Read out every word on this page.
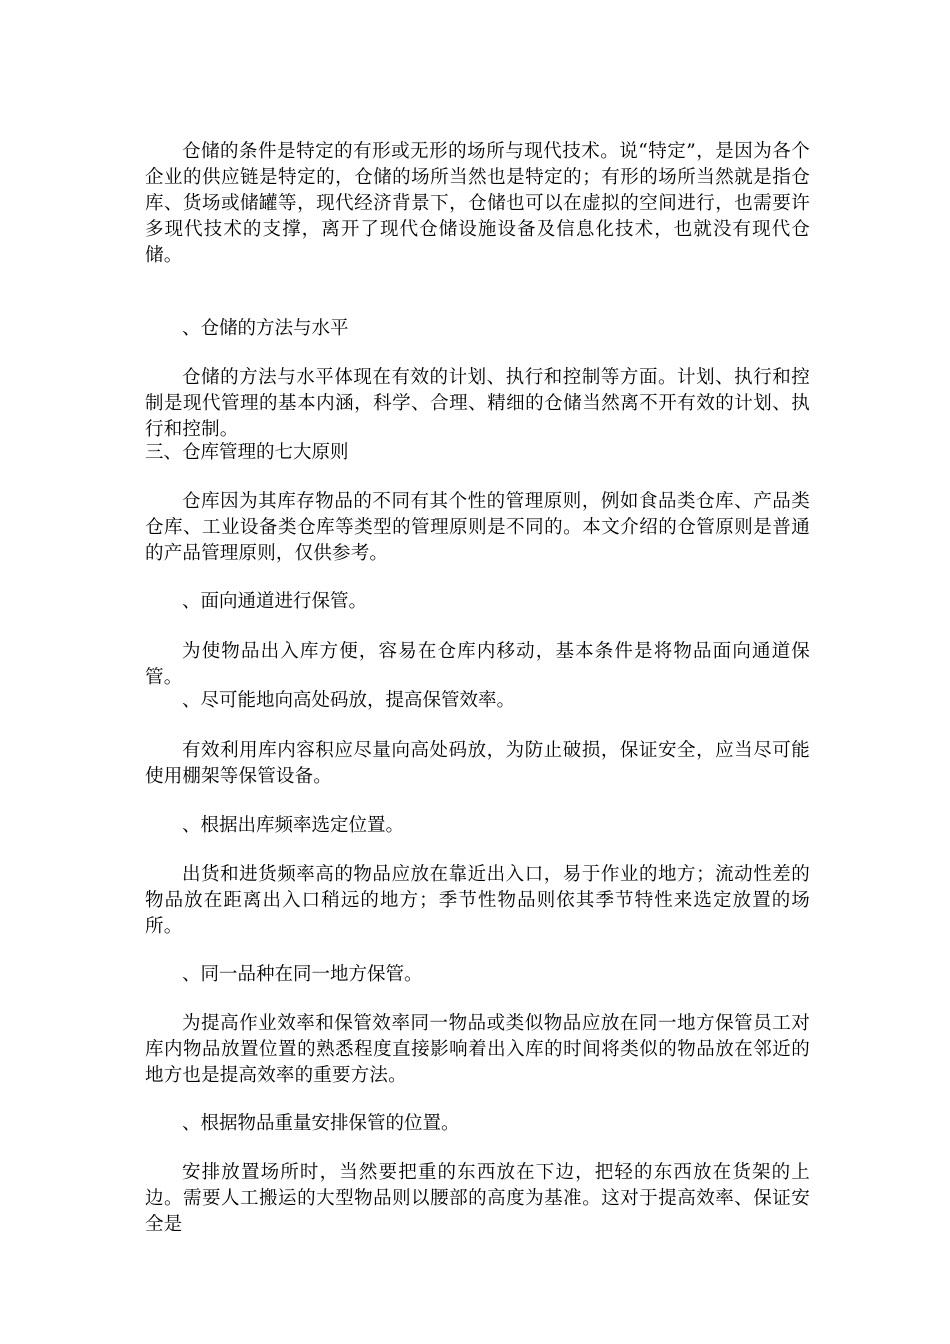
仓储的条件是特定的有形或无形的场所与现代技术。说“特定”，是因为各个企业的供应链是特定的，仓储的场所当然也是特定的；有形的场所当然就是指仓库、货场或储罐等，现代经济背景下，仓储也可以在虚拟的空间进行，也需要许多现代技术的支撑，离开了现代仓储设施设备及信息化技术，也就没有现代仓储。

、仓储的方法与水平

仓储的方法与水平体现在有效的计划、执行和控制等方面。计划、执行和控制是现代管理的基本内涵，科学、合理、精细的仓储当然离不开有效的计划、执行和控制。

三、仓库管理的七大原则

仓库因为其库存物品的不同有其个性的管理原则，例如食品类仓库、产品类仓库、工业设备类仓库等类型的管理原则是不同的。本文介绍的仓管原则是普通的产品管理原则，仅供参考。

、面向通道进行保管。

为使物品出入库方便，容易在仓库内移动，基本条件是将物品面向通道保管。

、尽可能地向高处码放，提高保管效率。

有效利用库内容积应尽量向高处码放，为防止破损，保证安全，应当尽可能使用棚架等保管设备。

、根据出库频率选定位置。

出货和进货频率高的物品应放在靠近出入口，易于作业的地方；流动性差的物品放在距离出入口稍远的地方；季节性物品则依其季节特性来选定放置的场所。

、同一品种在同一地方保管。

为提高作业效率和保管效率同一物品或类似物品应放在同一地方保管员工对库内物品放置位置的熟悉程度直接影响着出入库的时间将类似的物品放在邻近的地方也是提高效率的重要方法。

、根据物品重量安排保管的位置。

安排放置场所时，当然要把重的东西放在下边，把轻的东西放在货架的上边。需要人工搬运的大型物品则以腰部的高度为基准。这对于提高效率、保证安全是
